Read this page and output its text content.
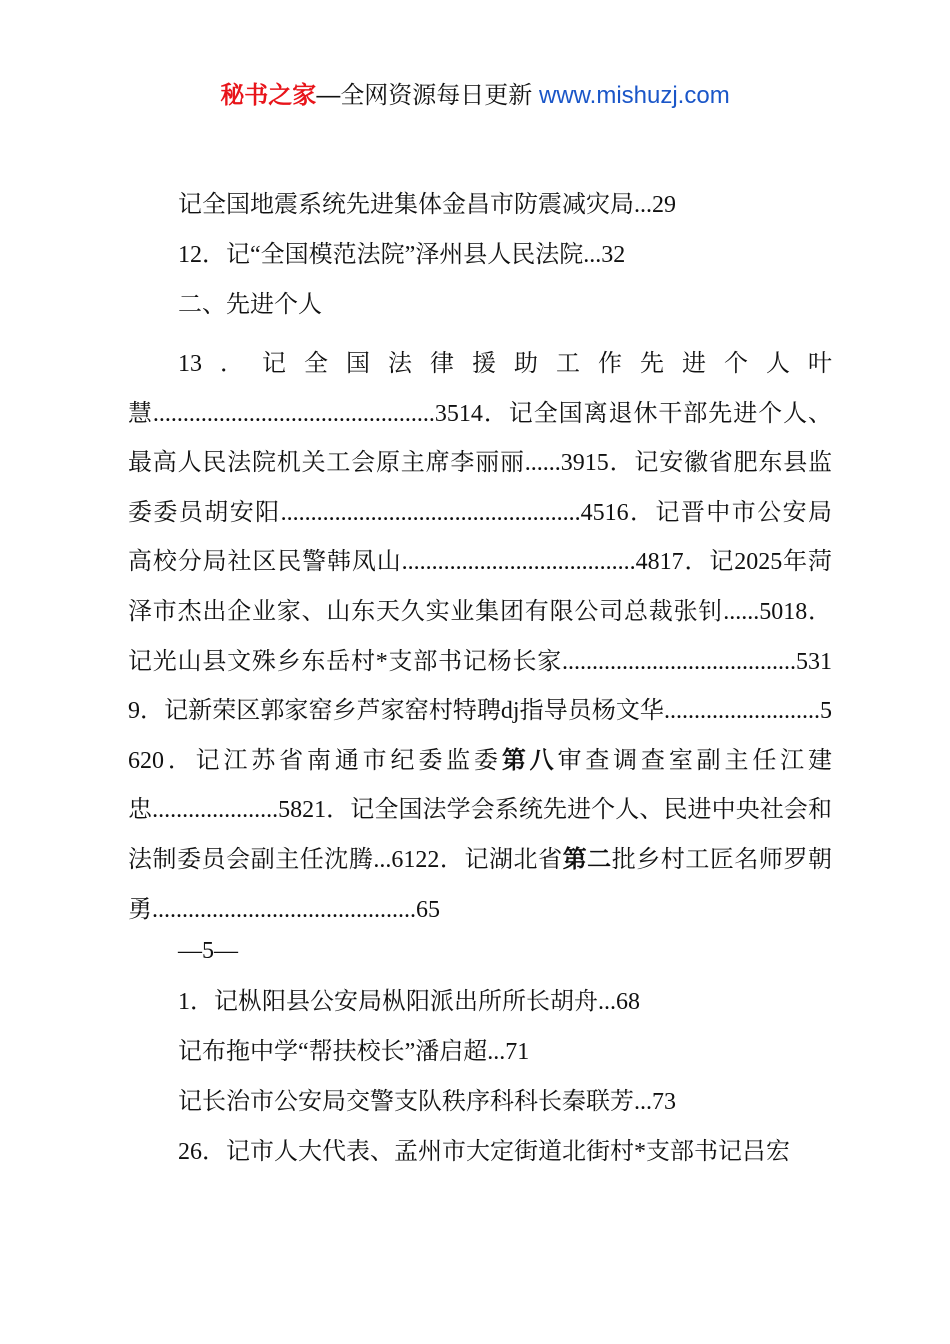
秘书之家—全网资源每日更新 www.mishuzj.com
记全国地震系统先进集体金昌市防震减灾局...29
12．记“全国模范法院”泽州县人民法院...32
二、先进个人
13．记全国法律援助工作先进个人叶慧...............................................3514．记全国离退休干部先进个人、最高人民法院机关工会原主席李丽丽......3915．记安徽省肥东县监委委员胡安阳..................................................4516．记晋中市公安局高校分局社区民警韩凤山.......................................4817．记2025年菏泽市杰出企业家、山东天久实业集团有限公司总裁张钊......5018．记光山县文殊乡东岳村*支部书记杨长家.......................................5319．记新荣区郭家窑乡芦家窑村特聘dj指导员杨文华..........................5620．记江苏省南通市纪委监委第八审查调查室副主任江建忠.....................5821．记全国法学会系统先进个人、民进中央社会和法制委员会副主任沈腾...6122．记湖北省第二批乡村工匠名师罗朝勇............................................65
—5—
1．记枞阳县公安局枞阳派出所所长胡舟...68
记布拖中学“帮扶校长”潘启超...71
记长治市公安局交警支队秩序科科长秦联芳...73
26．记市人大代表、孟州市大定街道北街村*支部书记吕宏
